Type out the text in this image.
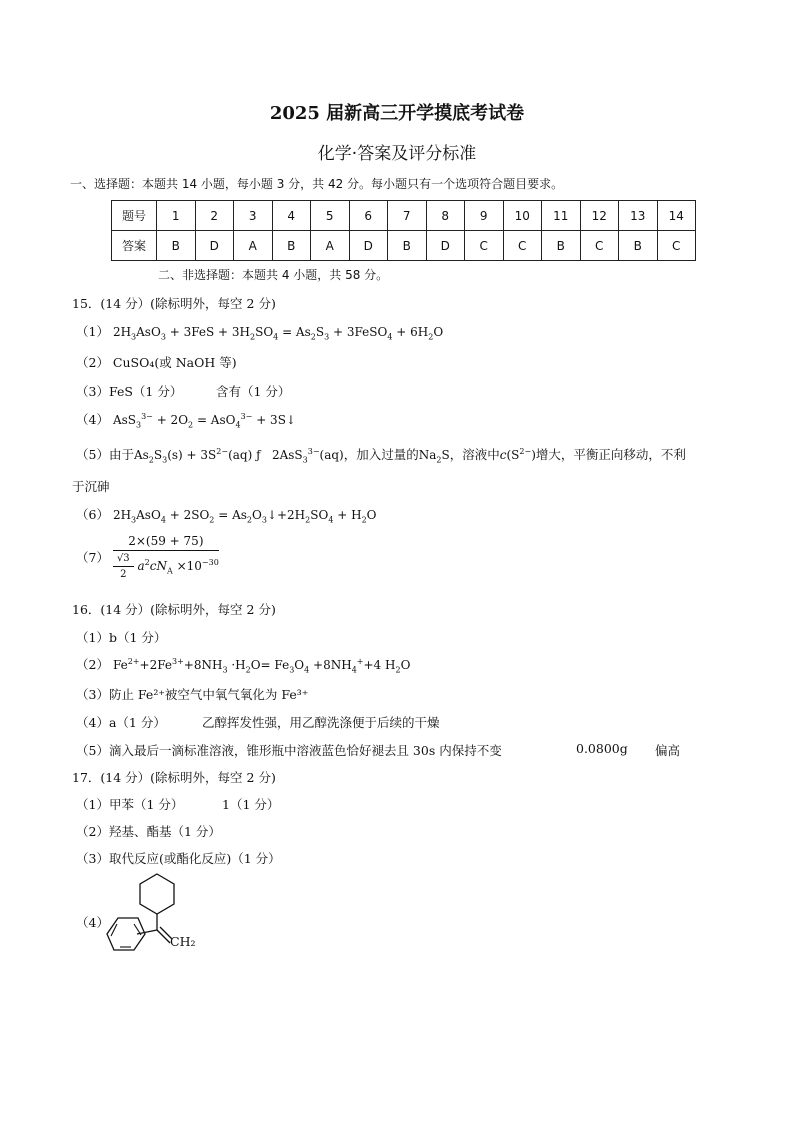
2025 届新高三开学摸底考试卷
化学·答案及评分标准
一、选择题：本题共 14 小题，每小题 3 分，共 42 分。每小题只有一个选项符合题目要求。
题号	1	2	3	4	5	6	7	8	9	10	11	12	13	14
答案	B	D	A	B	A	D	B	D	C	C	B	C	B	C
二、非选择题：本题共 4 小题，共 58 分。
15．(14 分）(除标明外，每空 2 分)
（1） $2H_3AsO_3 + 3FeS + 3H_2SO_4 = As_2S_3$ + 3FeSO$_4$ + $6H_2O$
（2） CuSO₄(或 NaOH 等)
（3）FeS（1 分）	含有（1 分）
（4） $AsS_3^{3-} + 2O_2 = AsO_4^{3-}$ + 3S↓
（5）由于$As_2S_3(s) + 3S^{2-}(aq)$ ƒ   2AsS$_3^{3-}$(aq)，加入过量的$Na_2S$，溶液中$c(S^{2-})$增大，平衡正向移动，不利
于沉砷
（6） $2H_3AsO_4 + 2SO_2$ = $As_2O_3↓+2H_2SO_4 + H_2O$
$(7) \frac{2\times(59 + 75)}{\frac{√3}{2} a^2cN_A \times 10^{-30}}$
16．(14 分）(除标明外，每空 2 分)
（1）b（1 分）
（2） $Fe^{2+}+2Fe^{3+}+8NH_3 \cdot H_2O= Fe_3O_4 +8NH_4^++4$ $H_2O$
（3）防止 Fe²⁺被空气中氧气氧化为 Fe³⁺
（4）a（1 分）	乙醇挥发性强，用乙醇洗涤便于后续的干燥
（5）滴入最后一滴标准溶液，锥形瓶中溶液蓝色恰好褪去且 30s 内保持不变	0.0800g 偏高
17．(14 分）(除标明外，每空 2 分)
（1）甲苯（1 分）	1（1 分）
（2）羟基、酯基（1 分）
（3）取代反应(或酯化反应)（1 分）
（4）
CH₂
